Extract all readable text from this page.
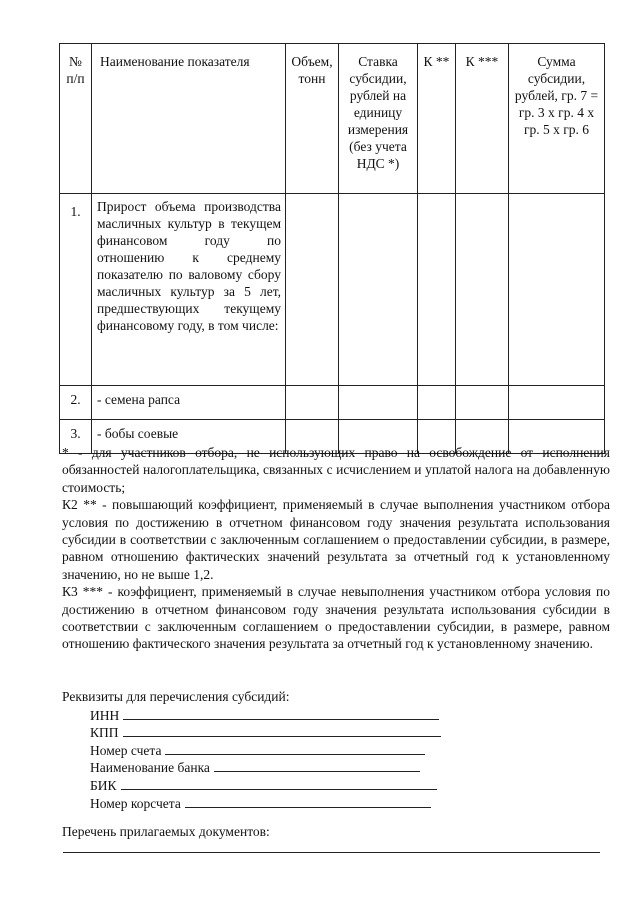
№ п/п	Наименование показателя	Объем, тонн	Ставка субсидии, рублей на единицу измерения (без учета НДС *)	К **	К ***	Сумма субсидии, рублей, гр. 7 = гр. 3 x гр. 4 x гр. 5 x гр. 6
1.	Прирост объема производства масличных культур в текущем финансовом году по отношению к среднему показателю по валовому сбору масличных культур за 5 лет, предшествующих текущему финансовому году, в том числе:					
2.	- семена рапса					
3.	- бобы соевые					

* - для участников отбора, не использующих право на освобождение от исполнения обязанностей налогоплательщика, связанных с исчислением и уплатой налога на добавленную стоимость;

К2 ** - повышающий коэффициент, применяемый в случае выполнения участником отбора условия по достижению в отчетном финансовом году значения результата использования субсидии в соответствии с заключенным соглашением о предоставлении субсидии, в размере, равном отношению фактических значений результата за отчетный год к установленному значению, но не выше 1,2.

К3 *** - коэффициент, применяемый в случае невыполнения участником отбора условия по достижению в отчетном финансовом году значения результата использования субсидии в соответствии с заключенным соглашением о предоставлении субсидии, в размере, равном отношению фактического значения результата за отчетный год к установленному значению.

Реквизиты для перечисления субсидий:

ИНН
КПП
Номер счета
Наименование банка
БИК
Номер корсчета
Перечень прилагаемых документов:
